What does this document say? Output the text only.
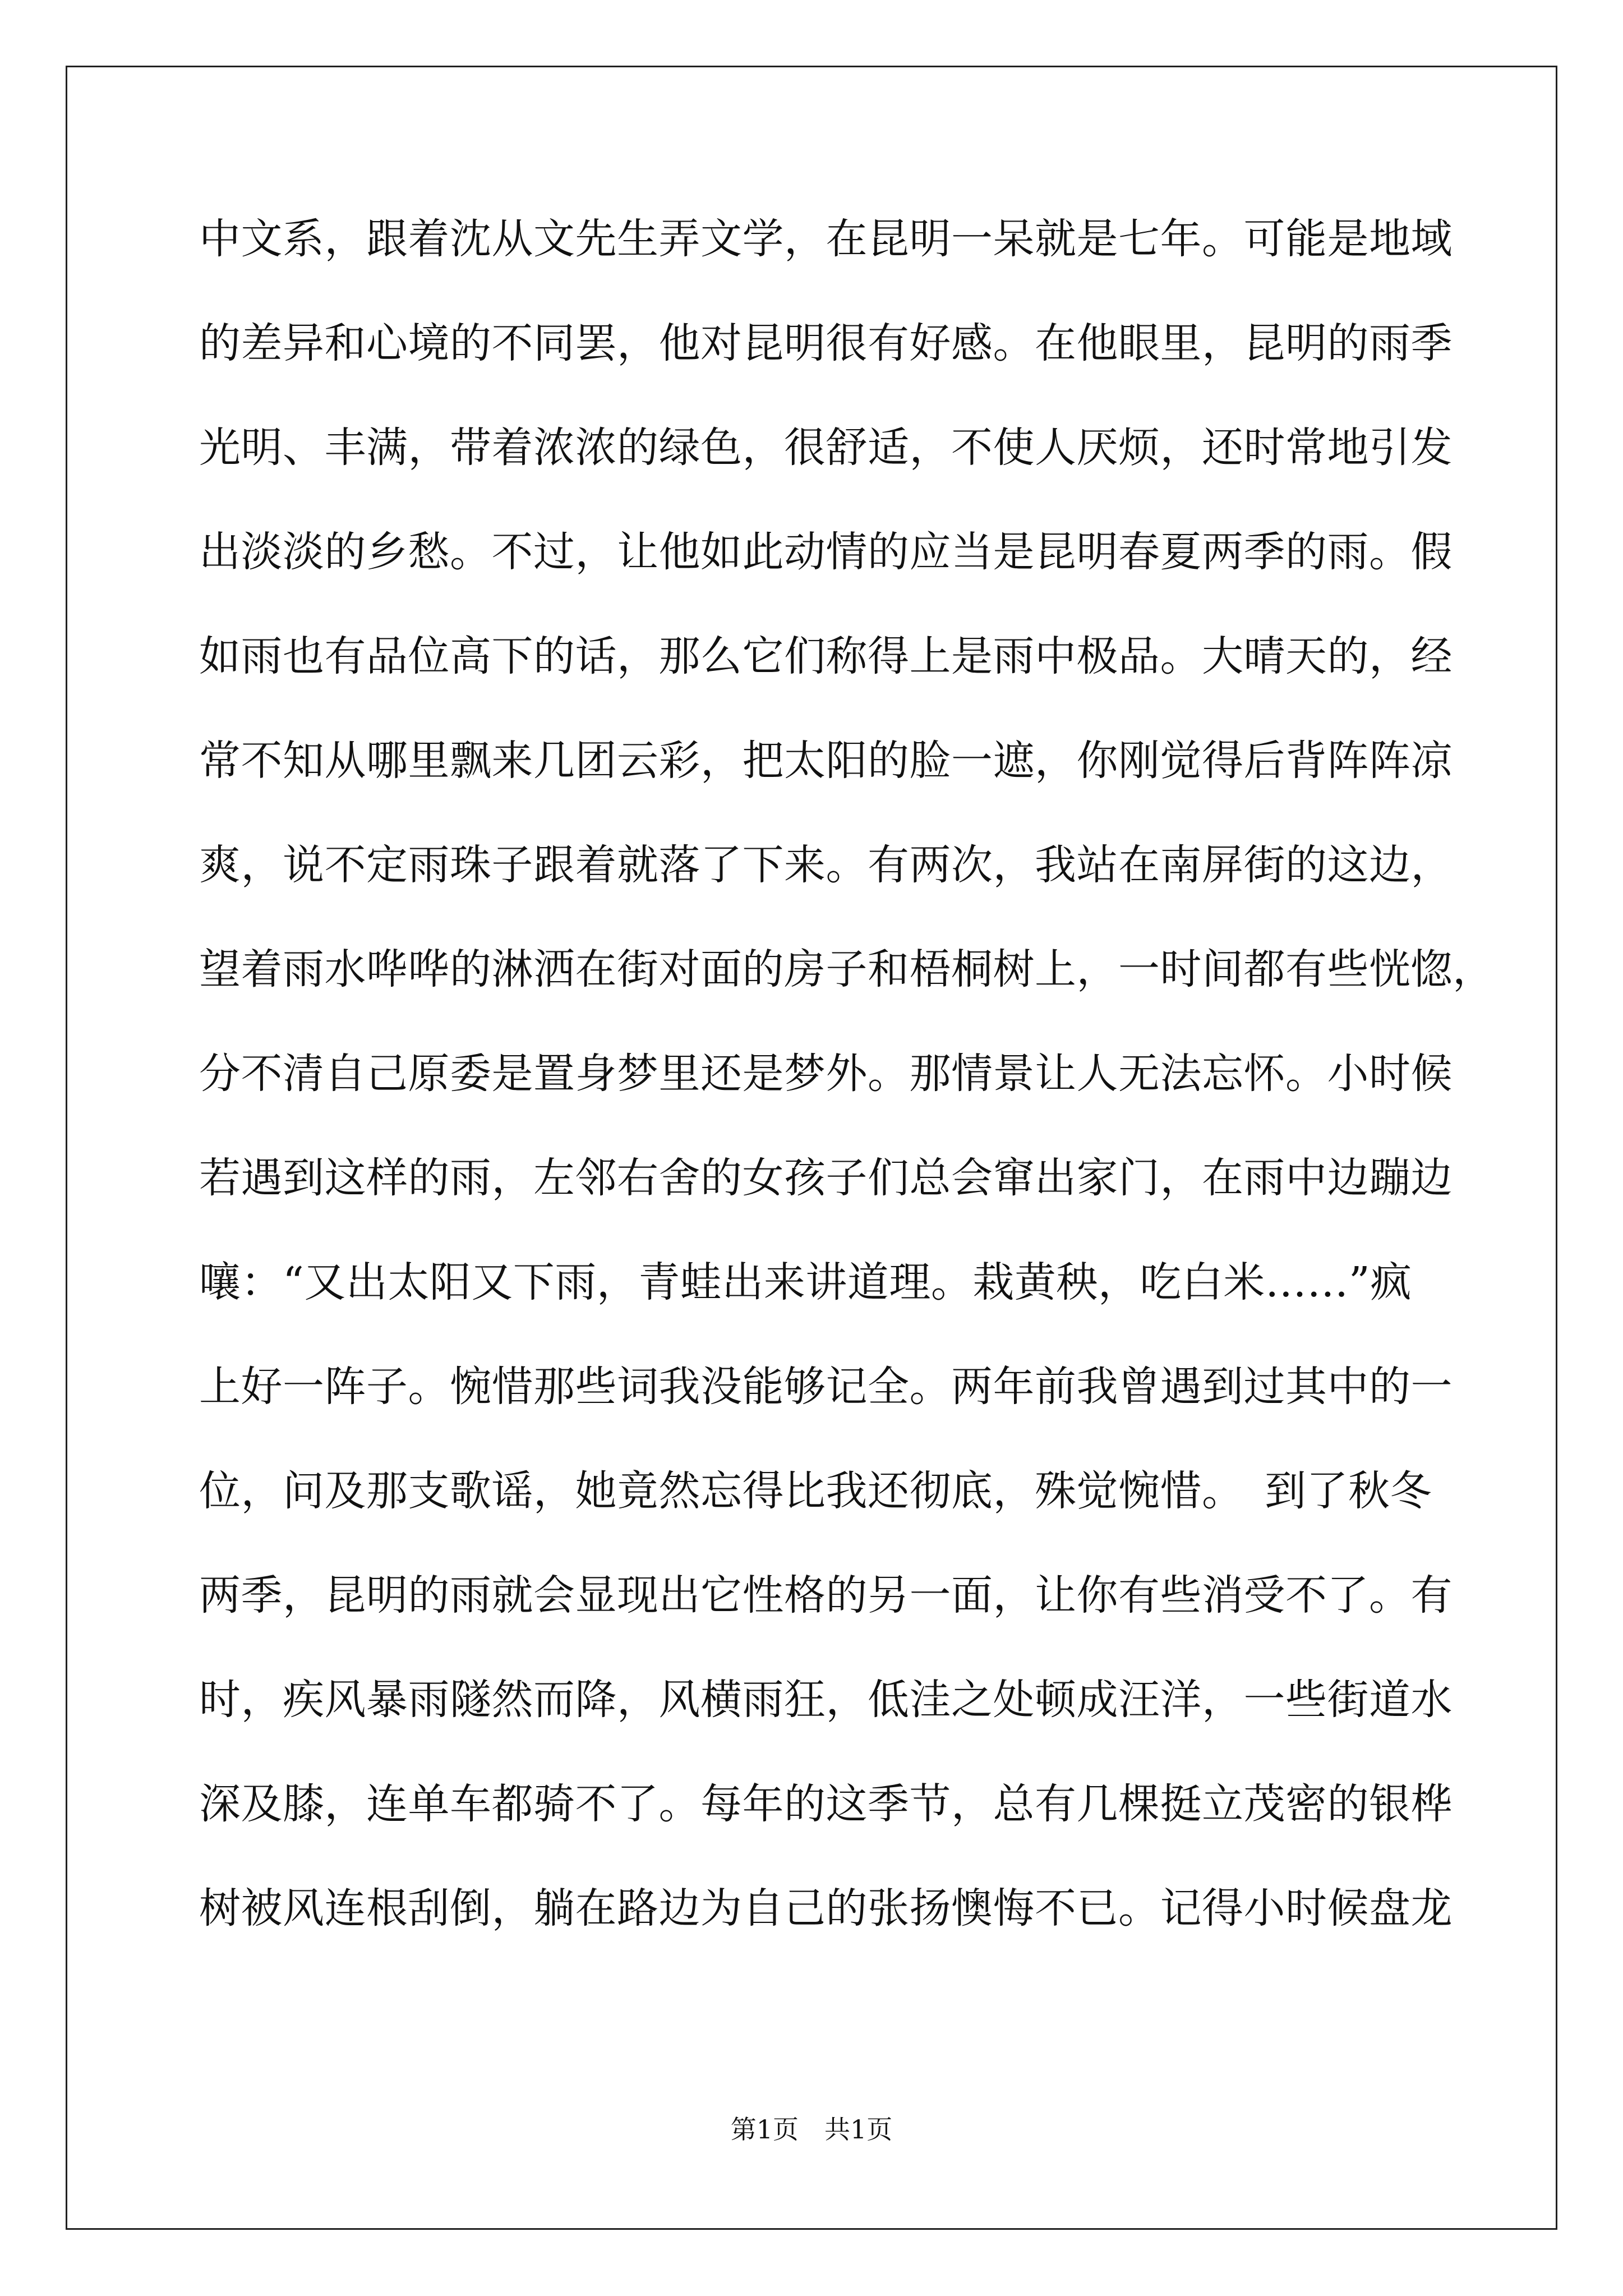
中文系，跟着沈从文先生弄文学，在昆明一呆就是七年。可能是地域
的差异和心境的不同罢，他对昆明很有好感。在他眼里，昆明的雨季
光明、丰满，带着浓浓的绿色，很舒适，不使人厌烦，还时常地引发
出淡淡的乡愁。不过，让他如此动情的应当是昆明春夏两季的雨。假
如雨也有品位高下的话，那么它们称得上是雨中极品。大晴天的，经
常不知从哪里飘来几团云彩，把太阳的脸一遮，你刚觉得后背阵阵凉
爽，说不定雨珠子跟着就落了下来。有两次，我站在南屏街的这边，
望着雨水哗哗的淋洒在街对面的房子和梧桐树上，一时间都有些恍惚，
分不清自己原委是置身梦里还是梦外。那情景让人无法忘怀。小时候
若遇到这样的雨，左邻右舍的女孩子们总会窜出家门，在雨中边蹦边
嚷：“又出太阳又下雨，青蛙出来讲道理。栽黄秧，吃白米……”疯
上好一阵子。惋惜那些词我没能够记全。两年前我曾遇到过其中的一
位，问及那支歌谣，她竟然忘得比我还彻底，殊觉惋惜。　到了秋冬
两季，昆明的雨就会显现出它性格的另一面，让你有些消受不了。有
时，疾风暴雨隧然而降，风横雨狂，低洼之处顿成汪洋，一些街道水
深及膝，连单车都骑不了。每年的这季节，总有几棵挺立茂密的银桦
树被风连根刮倒，躺在路边为自己的张扬懊悔不已。记得小时候盘龙
第1页　共1页
